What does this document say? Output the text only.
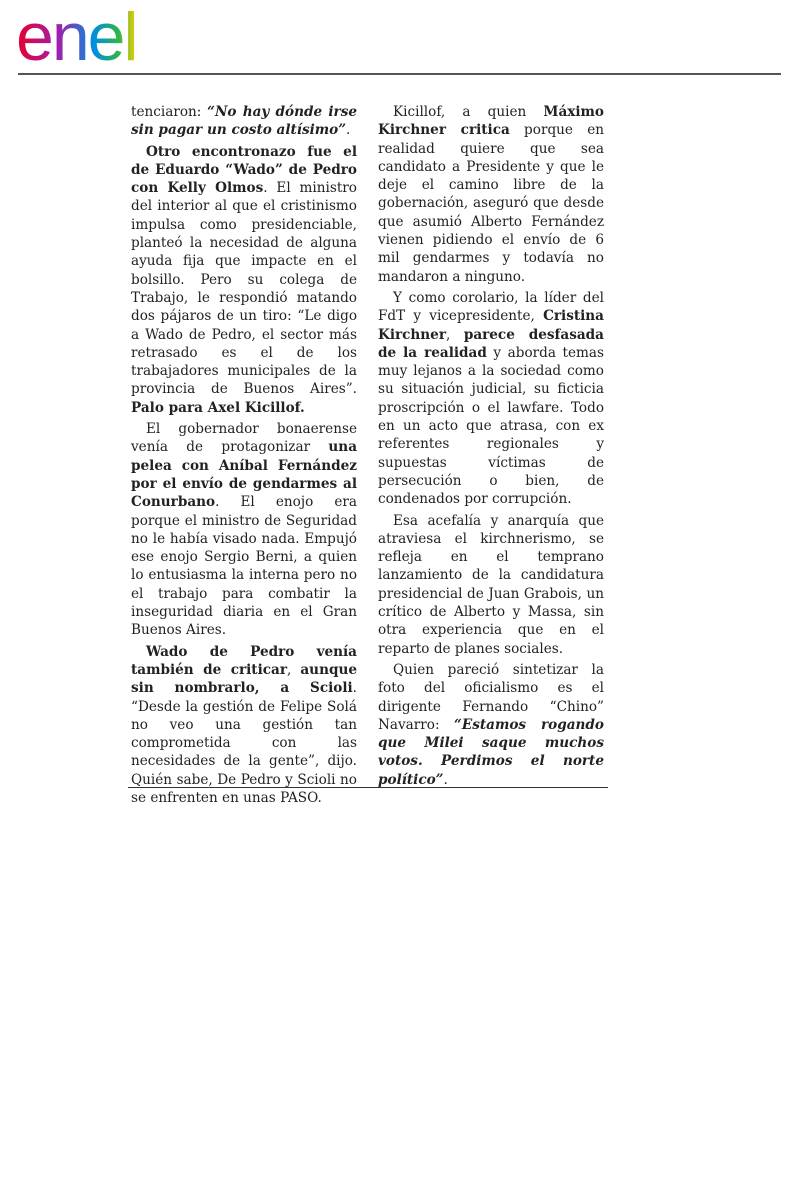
enel

tenciaron: “No hay dónde irse sin pagar un costo altísimo”.

Otro encontronazo fue el de Eduardo “Wado” de Pedro con Kelly Olmos. El ministro del interior al que el cristinismo impulsa como presidenciable, planteó la necesidad de alguna ayuda fija que impacte en el bolsillo. Pero su colega de Trabajo, le respondió matando dos pájaros de un tiro: “Le digo a Wado de Pedro, el sector más retrasado es el de los trabajadores municipales de la provincia de Buenos Aires”. Palo para Axel Kicillof.

El gobernador bonaerense venía de protagonizar una pelea con Aníbal Fernández por el envío de gendarmes al Conurbano. El enojo era porque el ministro de Seguridad no le había visado nada. Empujó ese enojo Sergio Berni, a quien lo entusiasma la interna pero no el trabajo para combatir la inseguridad diaria en el Gran Buenos Aires.

Wado de Pedro venía también de criticar, aunque sin nombrarlo, a Scioli. “Desde la gestión de Felipe Solá no veo una gestión tan comprometida con las necesidades de la gente”, dijo. Quién sabe, De Pedro y Scioli no se enfrenten en unas PASO.

Kicillof, a quien Máximo Kirchner critica porque en realidad quiere que sea candidato a Presidente y que le deje el camino libre de la gobernación, aseguró que desde que asumió Alberto Fernández vienen pidiendo el envío de 6 mil gendarmes y todavía no mandaron a ninguno.

Y como corolario, la líder del FdT y vicepresidente, Cristina Kirchner, parece desfasada de la realidad y aborda temas muy lejanos a la sociedad como su situación judicial, su ficticia proscripción o el lawfare. Todo en un acto que atrasa, con ex referentes regionales y supuestas víctimas de persecución o bien, de condenados por corrupción.

Esa acefalía y anarquía que atraviesa el kirchnerismo, se refleja en el temprano lanzamiento de la candidatura presidencial de Juan Grabois, un crítico de Alberto y Massa, sin otra experiencia que en el reparto de planes sociales.

Quien pareció sintetizar la foto del oficialismo es el dirigente Fernando “Chino” Navarro: “Estamos rogando que Milei saque muchos votos. Perdimos el norte político”.
